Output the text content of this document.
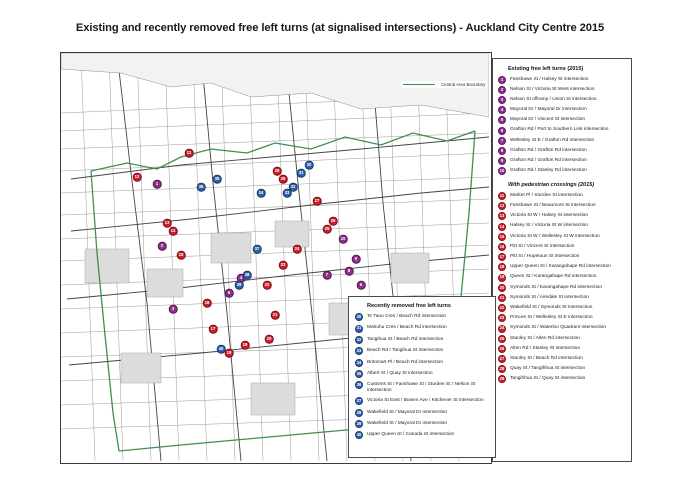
Existing and recently removed free left turns (at signalised intersections) - Auckland City Centre 2015
Central Area Boundary
1
2
3
4
5
6
7
8
9
10
11
12
13
14
15
16
17
18
19
20
21
22
23
24
25
26
27
28
29
30
31
32
33
34
35
36
37
38
39
40
Existing free left turns (2015)
1	Fanshawe St / Halsey St intersection
2	Nelson St / Victoria St West intersection
3	Nelson St offramp / Union St intersection
4	Mayoral Dr / Mayoral Dr intersection
5	Mayoral Dr / Vincent St intersection
6	Grafton Rd / Port to Southern Link intersection
7	Wellesley St E / Grafton Rd intersection
8	Grafton Rd / Grafton Rd intersection
9	Grafton Rd / Grafton Rd intersection
10	Grafton Rd / Stanley Rd intersection
With pedestrian crossings (2015)
11	Market Pl / Sturdee St intersection
12	Fanshawe St / Beaumont St intersection
13	Victoria St W / Halsey St intersection
14	Halsey St / Victoria St W intersection
15	Victoria St W / Wellesley St W intersection
16	Pitt St / Vincent St intersection
17	Pitt St / Hopetoun St intersection
18	Upper Queen St / Karangahape Rd intersection
19	Queen St / Karangahape Rd intersection
20	Symonds St / Karangahape Rd intersection
21	Symonds St / Airedale St intersection
22	Wakefield St / Symonds St intersection
23	Princes St / Wellesley St E intersection
24	Symonds St / Waterloo Quadrant intersection
25	Stanley St / Alten Rd intersection
26	Alten Rd / Stanley St intersection
27	Stanley St / Beach Rd intersection
28	Quay St / Tangihhua St intersection
29	Tangihhua St / Quay St intersection
Recently removed free left turns
30	Te Taou Cres / Beach Rd intersection
31	Mahuhu Cres / Beach Rd intersection
32	Tangihua St / Beach Rd intersection
33	Beach Rd / Tangihua St intersection
34	Britomart Pl / Beach Rd intersection
35	Albert St / Quay St intersection
36	Customs St / Fanshawe St / Sturdee St / Nelson St intersection
37	Victoria St East / Bowen Ave / Kitchener St intersection
38	Wakefield St / Mayoral Dr intersection
39	Wakefield St / Mayoral Dr intersection
40	Upper Queen St / Canada St intersection
